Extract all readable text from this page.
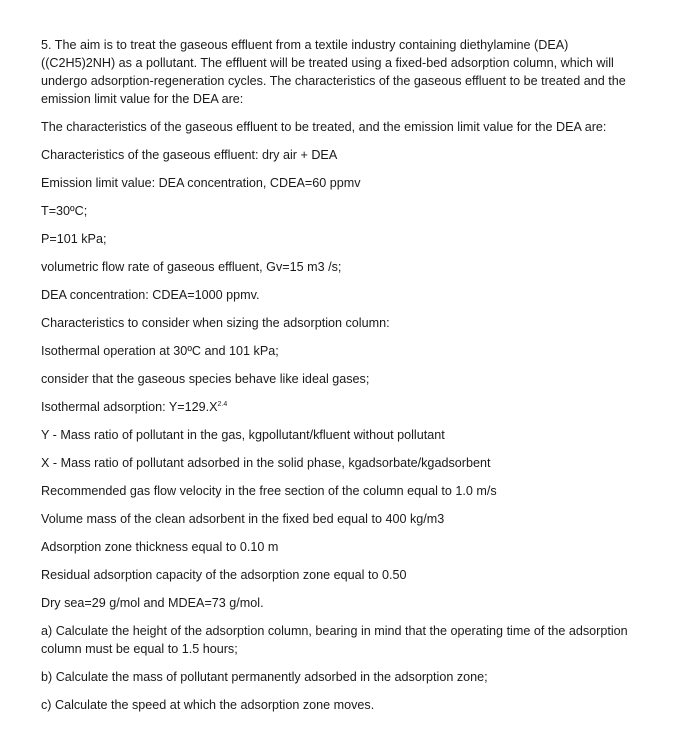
5. The aim is to treat the gaseous effluent from a textile industry containing diethylamine (DEA) ((C2H5)2NH) as a pollutant. The effluent will be treated using a fixed-bed adsorption column, which will undergo adsorption-regeneration cycles. The characteristics of the gaseous effluent to be treated and the emission limit value for the DEA are:

The characteristics of the gaseous effluent to be treated, and the emission limit value for the DEA are:
Characteristics of the gaseous effluent: dry air + DEA
Emission limit value: DEA concentration, CDEA=60 ppmv
T=30ºC;
P=101 kPa;
volumetric flow rate of gaseous effluent, Gv=15 m3 /s;
DEA concentration: CDEA=1000 ppmv.
Characteristics to consider when sizing the adsorption column:
Isothermal operation at 30ºC and 101 kPa;
consider that the gaseous species behave like ideal gases;
Isothermal adsorption: $Y=129.X^{2.4}$
Y - Mass ratio of pollutant in the gas, kgpollutant/kfluent without pollutant
X - Mass ratio of pollutant adsorbed in the solid phase, kgadsorbate/kgadsorbent
Recommended gas flow velocity in the free section of the column equal to 1.0 m/s
Volume mass of the clean adsorbent in the fixed bed equal to 400 kg/m3
Adsorption zone thickness equal to 0.10 m
Residual adsorption capacity of the adsorption zone equal to 0.50
Dry sea=29 g/mol and MDEA=73 g/mol.

a) Calculate the height of the adsorption column, bearing in mind that the operating time of the adsorption column must be equal to 1.5 hours;

b) Calculate the mass of pollutant permanently adsorbed in the adsorption zone;
c) Calculate the speed at which the adsorption zone moves.
